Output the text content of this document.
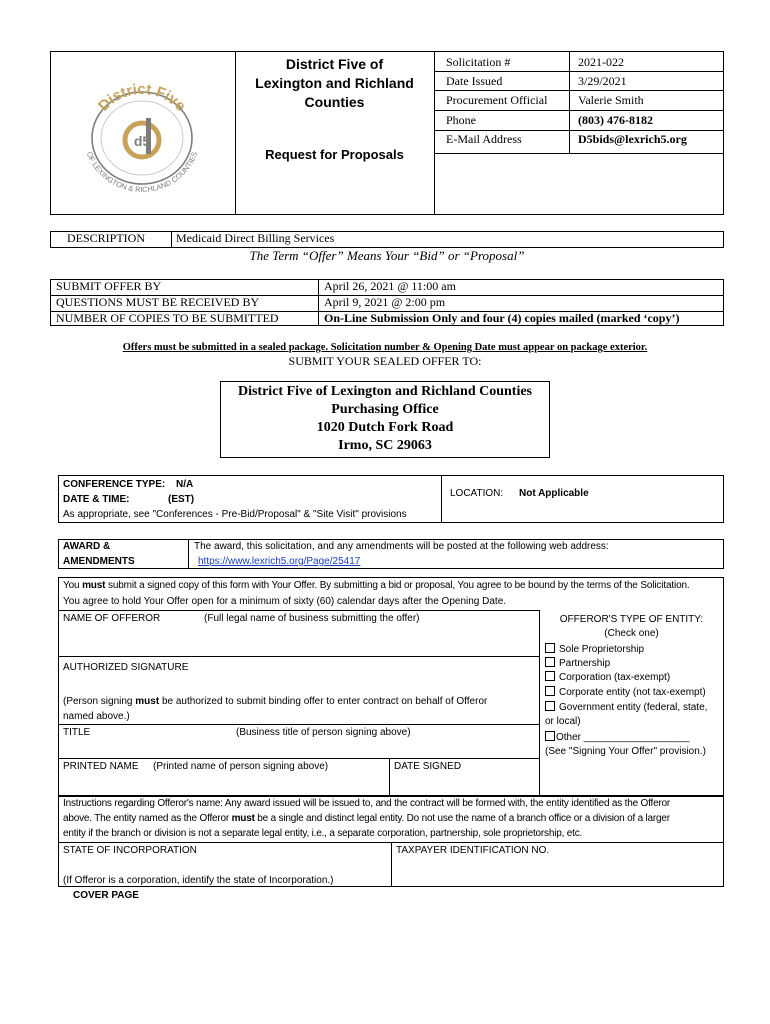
District Five
OF LEXINGTON & RICHLAND COUNTIES
d5
District Five of
Lexington and Richland
Counties
Request for Proposals
Solicitation #	2021-022
Date Issued	3/29/2021
Procurement Official	Valerie Smith
Phone	(803) 476-8182
E-Mail Address	D5bids@lexrich5.org
DESCRIPTION	Medicaid Direct Billing Services
The Term “Offer” Means Your “Bid” or “Proposal”
SUBMIT OFFER BY	April 26, 2021 @ 11:00 am
QUESTIONS MUST BE RECEIVED BY	April 9, 2021 @ 2:00 pm
NUMBER OF COPIES TO BE SUBMITTED	On-Line Submission Only and four (4) copies mailed (marked ‘copy’)
Offers must be submitted in a sealed package. Solicitation number & Opening Date must appear on package exterior.
SUBMIT YOUR SEALED OFFER TO:
District Five of Lexington and Richland Counties
Purchasing Office
1020 Dutch Fork Road
Irmo, SC 29063
CONFERENCE TYPE: N/A
DATE & TIME:	(EST)
As appropriate, see "Conferences - Pre-Bid/Proposal" & "Site Visit" provisions
LOCATION: Not Applicable
AWARD &
AMENDMENTS
The award, this solicitation, and any amendments will be posted at the following web address:
https://www.lexrich5.org/Page/25417
You must submit a signed copy of this form with Your Offer. By submitting a bid or proposal, You agree to be bound by the terms of the Solicitation.
You agree to hold Your Offer open for a minimum of sixty (60) calendar days after the Opening Date.
NAME OF OFFEROR	(Full legal name of business submitting the offer)
AUTHORIZED SIGNATURE
(Person signing must be authorized to submit binding offer to enter contract on behalf of Offeror
named above.)
TITLE	(Business title of person signing above)
PRINTED NAME (Printed name of person signing above)	DATE SIGNED
OFFEROR'S TYPE OF ENTITY:
(Check one)
Sole Proprietorship
Partnership
Corporation (tax-exempt)
Corporate entity (not tax-exempt)
Government entity (federal, state,
or local)
Other ___________________
(See "Signing Your Offer" provision.)
Instructions regarding Offeror's name: Any award issued will be issued to, and the contract will be formed with, the entity identified as the Offeror
above. The entity named as the Offeror must be a single and distinct legal entity. Do not use the name of a branch office or a division of a larger
entity if the branch or division is not a separate legal entity, i.e., a separate corporation, partnership, sole proprietorship, etc.
STATE OF INCORPORATION
(If Offeror is a corporation, identify the state of Incorporation.)
TAXPAYER IDENTIFICATION NO.
COVER PAGE
